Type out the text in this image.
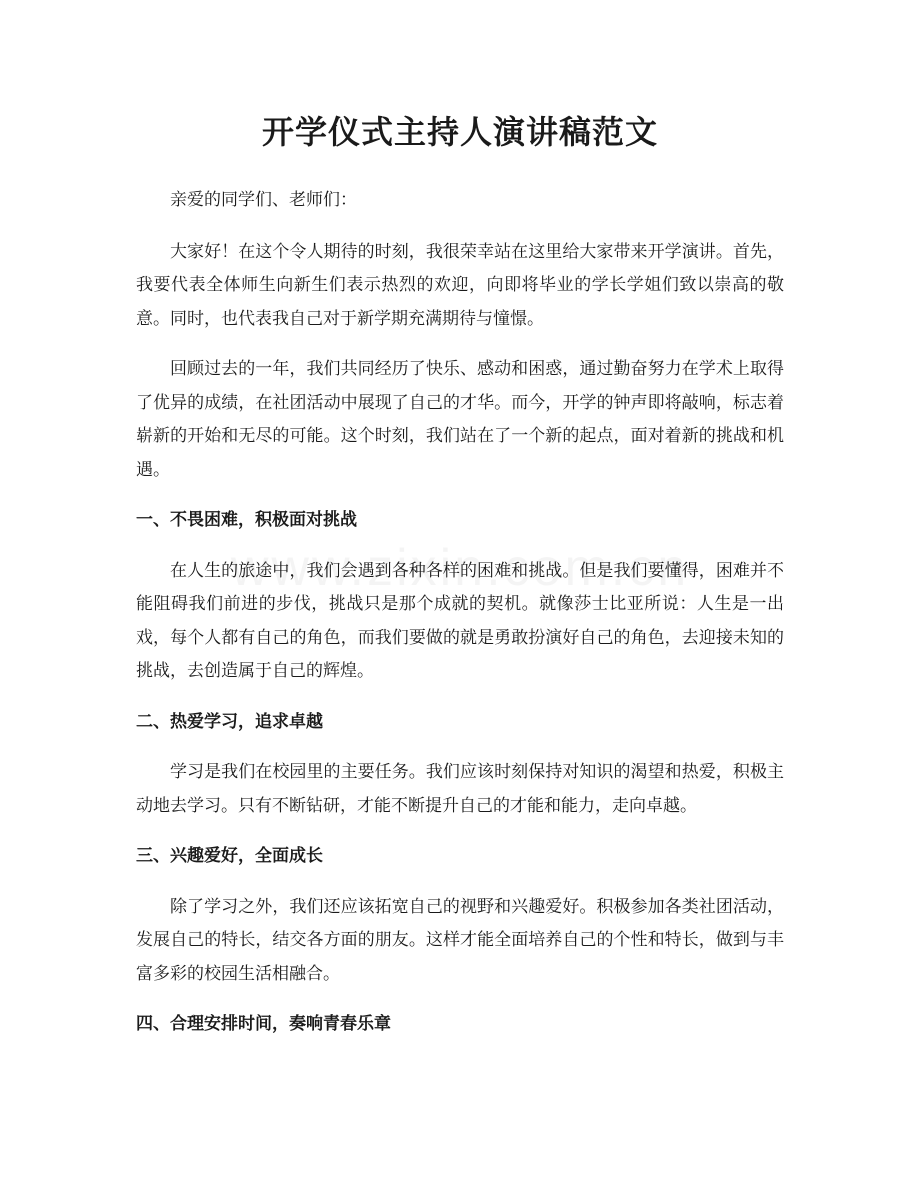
开学仪式主持人演讲稿范文

亲爱的同学们、老师们：

大家好！在这个令人期待的时刻，我很荣幸站在这里给大家带来开学演讲。首先，我要代表全体师生向新生们表示热烈的欢迎，向即将毕业的学长学姐们致以崇高的敬意。同时，也代表我自己对于新学期充满期待与憧憬。

回顾过去的一年，我们共同经历了快乐、感动和困惑，通过勤奋努力在学术上取得了优异的成绩，在社团活动中展现了自己的才华。而今，开学的钟声即将敲响，标志着崭新的开始和无尽的可能。这个时刻，我们站在了一个新的起点，面对着新的挑战和机遇。

一、不畏困难，积极面对挑战

在人生的旅途中，我们会遇到各种各样的困难和挑战。但是我们要懂得，困难并不能阻碍我们前进的步伐，挑战只是那个成就的契机。就像莎士比亚所说：人生是一出戏，每个人都有自己的角色，而我们要做的就是勇敢扮演好自己的角色，去迎接未知的挑战，去创造属于自己的辉煌。

二、热爱学习，追求卓越

学习是我们在校园里的主要任务。我们应该时刻保持对知识的渴望和热爱，积极主动地去学习。只有不断钻研，才能不断提升自己的才能和能力，走向卓越。

三、兴趣爱好，全面成长

除了学习之外，我们还应该拓宽自己的视野和兴趣爱好。积极参加各类社团活动，发展自己的特长，结交各方面的朋友。这样才能全面培养自己的个性和特长，做到与丰富多彩的校园生活相融合。

四、合理安排时间，奏响青春乐章
